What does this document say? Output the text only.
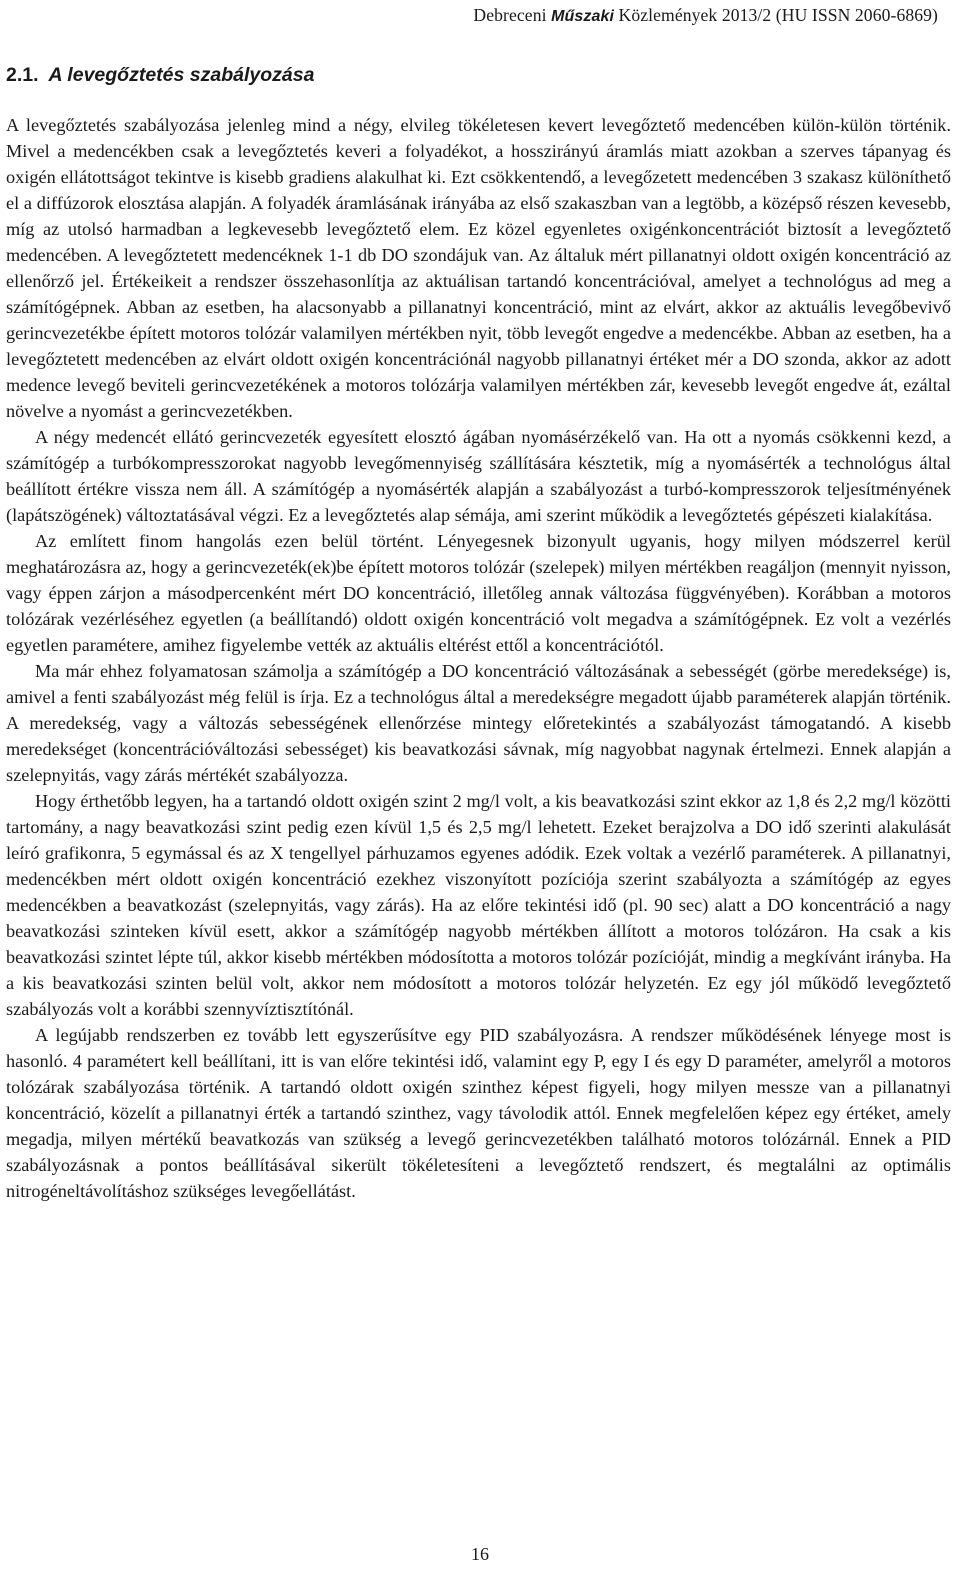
Debreceni Műszaki Közlemények 2013/2 (HU ISSN 2060-6869)
2.1. A levegőztetés szabályozása

A levegőztetés szabályozása jelenleg mind a négy, elvileg tökéletesen kevert levegőztető medencében külön-külön történik. Mivel a medencékben csak a levegőztetés keveri a folyadékot, a hosszirányú áramlás miatt azokban a szerves tápanyag és oxigén ellátottságot tekintve is kisebb gradiens alakulhat ki. Ezt csökkentendő, a levegőzetett medencében 3 szakasz különíthető el a diffúzorok elosztása alapján. A folyadék áramlásának irányába az első szakaszban van a legtöbb, a középső részen kevesebb, míg az utolsó harmadban a legkevesebb levegőztető elem. Ez közel egyenletes oxigénkoncentrációt biztosít a levegőztető medencében. A levegőztetett medencéknek 1-1 db DO szondájuk van. Az általuk mért pillanatnyi oldott oxigén koncentráció az ellenőrző jel. Értékeikeit a rendszer összehasonlítja az aktuálisan tartandó koncentrációval, amelyet a technológus ad meg a számítógépnek. Abban az esetben, ha alacsonyabb a pillanatnyi koncentráció, mint az elvárt, akkor az aktuális levegőbevivő gerincvezetékbe épített motoros tolózár valamilyen mértékben nyit, több levegőt engedve a medencékbe. Abban az esetben, ha a levegőztetett medencében az elvárt oldott oxigén koncentrációnál nagyobb pillanatnyi értéket mér a DO szonda, akkor az adott medence levegő beviteli gerincvezetékének a motoros tolózárja valamilyen mértékben zár, kevesebb levegőt engedve át, ezáltal növelve a nyomást a gerincvezetékben.

A négy medencét ellátó gerincvezeték egyesített elosztó ágában nyomásérzékelő van. Ha ott a nyomás csökkenni kezd, a számítógép a turbókompresszorokat nagyobb levegőmennyiség szállítására késztetik, míg a nyomásérték a technológus által beállított értékre vissza nem áll. A számítógép a nyomásérték alapján a szabályozást a turbó-kompresszorok teljesítményének (lapátszögének) változtatásával végzi. Ez a levegőztetés alap sémája, ami szerint működik a levegőztetés gépészeti kialakítása.

Az említett finom hangolás ezen belül történt. Lényegesnek bizonyult ugyanis, hogy milyen módszerrel kerül meghatározásra az, hogy a gerincvezeték(ek)be épített motoros tolózár (szelepek) milyen mértékben reagáljon (mennyit nyisson, vagy éppen zárjon a másodpercenként mért DO koncentráció, illetőleg annak változása függvényében). Korábban a motoros tolózárak vezérléséhez egyetlen (a beállítandó) oldott oxigén koncentráció volt megadva a számítógépnek. Ez volt a vezérlés egyetlen paramétere, amihez figyelembe vették az aktuális eltérést ettől a koncentrációtól.

Ma már ehhez folyamatosan számolja a számítógép a DO koncentráció változásának a sebességét (görbe meredeksége) is, amivel a fenti szabályozást még felül is írja. Ez a technológus által a meredekségre megadott újabb paraméterek alapján történik. A meredekség, vagy a változás sebességének ellenőrzése mintegy előretekintés a szabályozást támogatandó. A kisebb meredekséget (koncentrációváltozási sebességet) kis beavatkozási sávnak, míg nagyobbat nagynak értelmezi. Ennek alapján a szelepnyitás, vagy zárás mértékét szabályozza.

Hogy érthetőbb legyen, ha a tartandó oldott oxigén szint 2 mg/l volt, a kis beavatkozási szint ekkor az 1,8 és 2,2 mg/l közötti tartomány, a nagy beavatkozási szint pedig ezen kívül 1,5 és 2,5 mg/l lehetett. Ezeket berajzolva a DO idő szerinti alakulását leíró grafikonra, 5 egymással és az X tengellyel párhuzamos egyenes adódik. Ezek voltak a vezérlő paraméterek. A pillanatnyi, medencékben mért oldott oxigén koncentráció ezekhez viszonyított pozíciója szerint szabályozta a számítógép az egyes medencékben a beavatkozást (szelepnyitás, vagy zárás). Ha az előre tekintési idő (pl. 90 sec) alatt a DO koncentráció a nagy beavatkozási szinteken kívül esett, akkor a számítógép nagyobb mértékben állított a motoros tolózáron. Ha csak a kis beavatkozási szintet lépte túl, akkor kisebb mértékben módosította a motoros tolózár pozícióját, mindig a megkívánt irányba. Ha a kis beavatkozási szinten belül volt, akkor nem módosított a motoros tolózár helyzetén. Ez egy jól működő levegőztető szabályozás volt a korábbi szennyvíztisztítónál.

A legújabb rendszerben ez tovább lett egyszerűsítve egy PID szabályozásra. A rendszer működésének lényege most is hasonló. 4 paramétert kell beállítani, itt is van előre tekintési idő, valamint egy P, egy I és egy D paraméter, amelyről a motoros tolózárak szabályozása történik. A tartandó oldott oxigén szinthez képest figyeli, hogy milyen messze van a pillanatnyi koncentráció, közelít a pillanatnyi érték a tartandó szinthez, vagy távolodik attól. Ennek megfelelően képez egy értéket, amely megadja, milyen mértékű beavatkozás van szükség a levegő gerincvezetékben található motoros tolózárnál. Ennek a PID szabályozásnak a pontos beállításával sikerült tökéletesíteni a levegőztető rendszert, és megtalálni az optimális nitrogéneltávolításhoz szükséges levegőellátást.

16
